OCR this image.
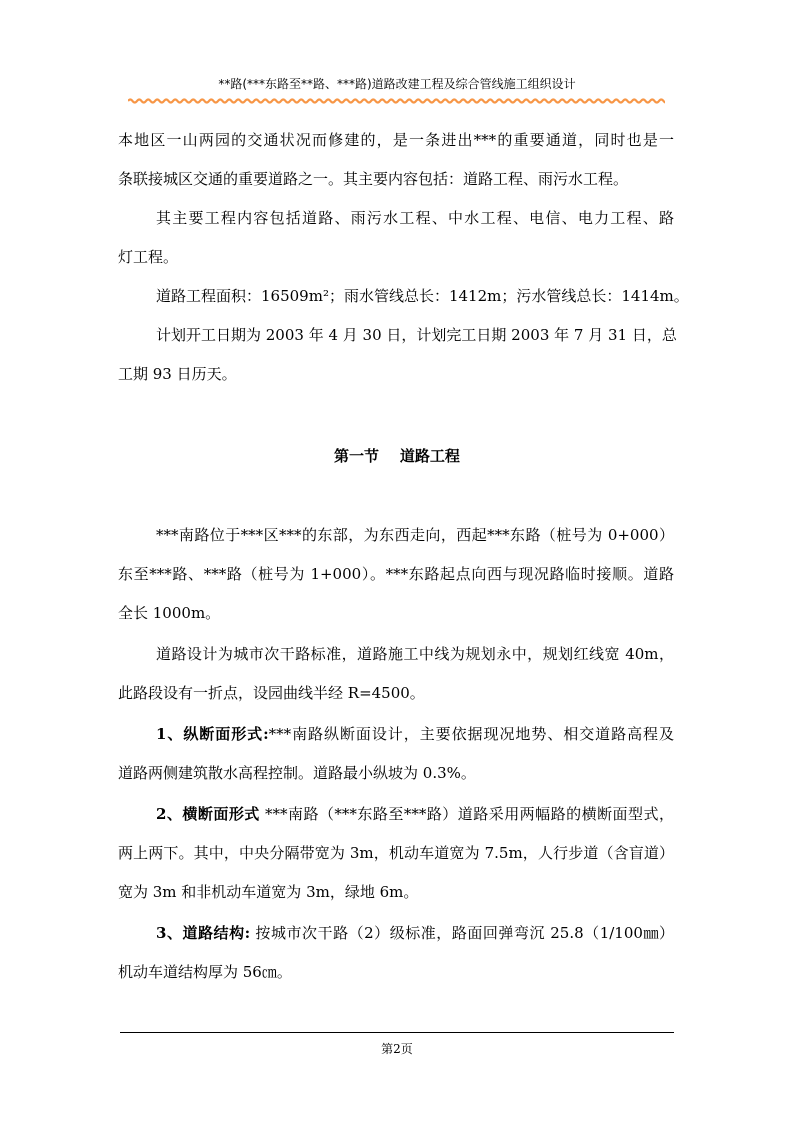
**路(***东路至**路、***路)道路改建工程及综合管线施工组织设计

本地区一山两园的交通状况而修建的，是一条进出***的重要通道，同时也是一
条联接城区交通的重要道路之一。其主要内容包括：道路工程、雨污水工程。

其主要工程内容包括道路、雨污水工程、中水工程、电信、电力工程、路
灯工程。

道路工程面积：16509m²；雨水管线总长：1412m；污水管线总长：1414m。

计划开工日期为 2003 年 4 月 30 日，计划完工日期 2003 年 7 月 31 日，总
工期 93 日历天。

第一节    道路工程

***南路位于***区***的东部，为东西走向，西起***东路（桩号为 0+000）
东至***路、***路（桩号为 1+000）。***东路起点向西与现况路临时接顺。道路
全长 1000m。

道路设计为城市次干路标准，道路施工中线为规划永中，规划红线宽 40m，
此路段设有一折点，设园曲线半经 R=4500。

1、纵断面形式:***南路纵断面设计，主要依据现况地势、相交道路高程及
道路两侧建筑散水高程控制。道路最小纵坡为 0.3%。

2、横断面形式 ***南路（***东路至***路）道路采用两幅路的横断面型式，
两上两下。其中，中央分隔带宽为 3m，机动车道宽为 7.5m，人行步道（含盲道）
宽为 3m 和非机动车道宽为 3m，绿地 6m。

3、道路结构: 按城市次干路（2）级标准，路面回弹弯沉 25.8（1/100㎜）
机动车道结构厚为 56㎝。

第2页
